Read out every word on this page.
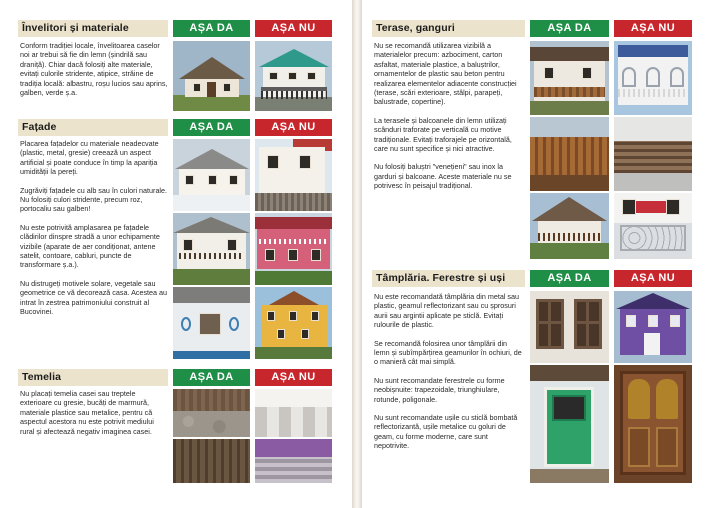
Învelitori și materiale	AȘA DA	AȘA NU

Conform tradiției locale, învelitoarea caselor noi ar trebui să fie din lemn (șindrilă sau draniță). Chiar dacă folosiți alte materiale, evitați culorile stridente, atipice, străine de tradiția locală: albastru, roșu lucios sau aprins, galben, verde ș.a.

Fațade	AȘA DA	AȘA NU

Placarea fațadelor cu materiale neadecvate (plastic, metal, gresie) creează un aspect artificial și poate conduce în timp la apariția umidității la pereți.

Zugrăviți fațadele cu alb sau în culori naturale. Nu folosiți culori stridente, precum roz, portocaliu sau galben!

Nu este potrivită amplasarea pe fațadele clădirilor dinspre stradă a unor echipamente vizibile (aparate de aer condiționat, antene satelit, contoare, cabluri, puncte de transformare ș.a.).

Nu distrugeți motivele solare, vegetale sau geometrice ce vă decorează casa. Acestea au intrat în zestrea patrimoniului construit al Bucovinei.

Temelia	AȘA DA	AȘA NU

Nu placați temelia casei sau treptele exterioare cu gresie, bucăți de marmură, materiale plastice sau metalice, pentru că aspectul acestora nu este potrivit mediului rural și afectează negativ imaginea casei.

Terase, ganguri	AȘA DA	AȘA NU

Nu se recomandă utilizarea vizibilă a materialelor precum: azbociment, carton asfaltat, materiale plastice, a baluștrilor, ornamentelor de plastic sau beton pentru realizarea elementelor adiacente construcției (terase, scări exterioare, stâlpi, parapeți, balustrade, copertine).

La terasele și balcoanele din lemn utilizați scânduri traforate pe verticală cu motive tradiționale. Evitați traforajele pe orizontală, care nu sunt specifice și nici atractive.

Nu folosiți baluștri "venețieni" sau inox la garduri și balcoane. Aceste materiale nu se potrivesc în peisajul tradițional.

Tâmplăria. Ferestre și uși	AȘA DA	AȘA NU

Nu este recomandată tâmplăria din metal sau plastic, geamul reflectorizant sau cu șprosuri aurii sau argintii aplicate pe sticlă. Evitați rulourile de plastic.

Se recomandă folosirea unor tâmplării din lemn și subîmpărțirea geamurilor în ochiuri, de o manieră cât mai simplă.

Nu sunt recomandate ferestrele cu forme neobișnuite: trapezoidale, triunghiulare, rotunde, poligonale.

Nu sunt recomandate ușile cu sticlă bombată reflectorizantă, ușile metalice cu goluri de geam, cu forme moderne, care sunt nepotrivite.
